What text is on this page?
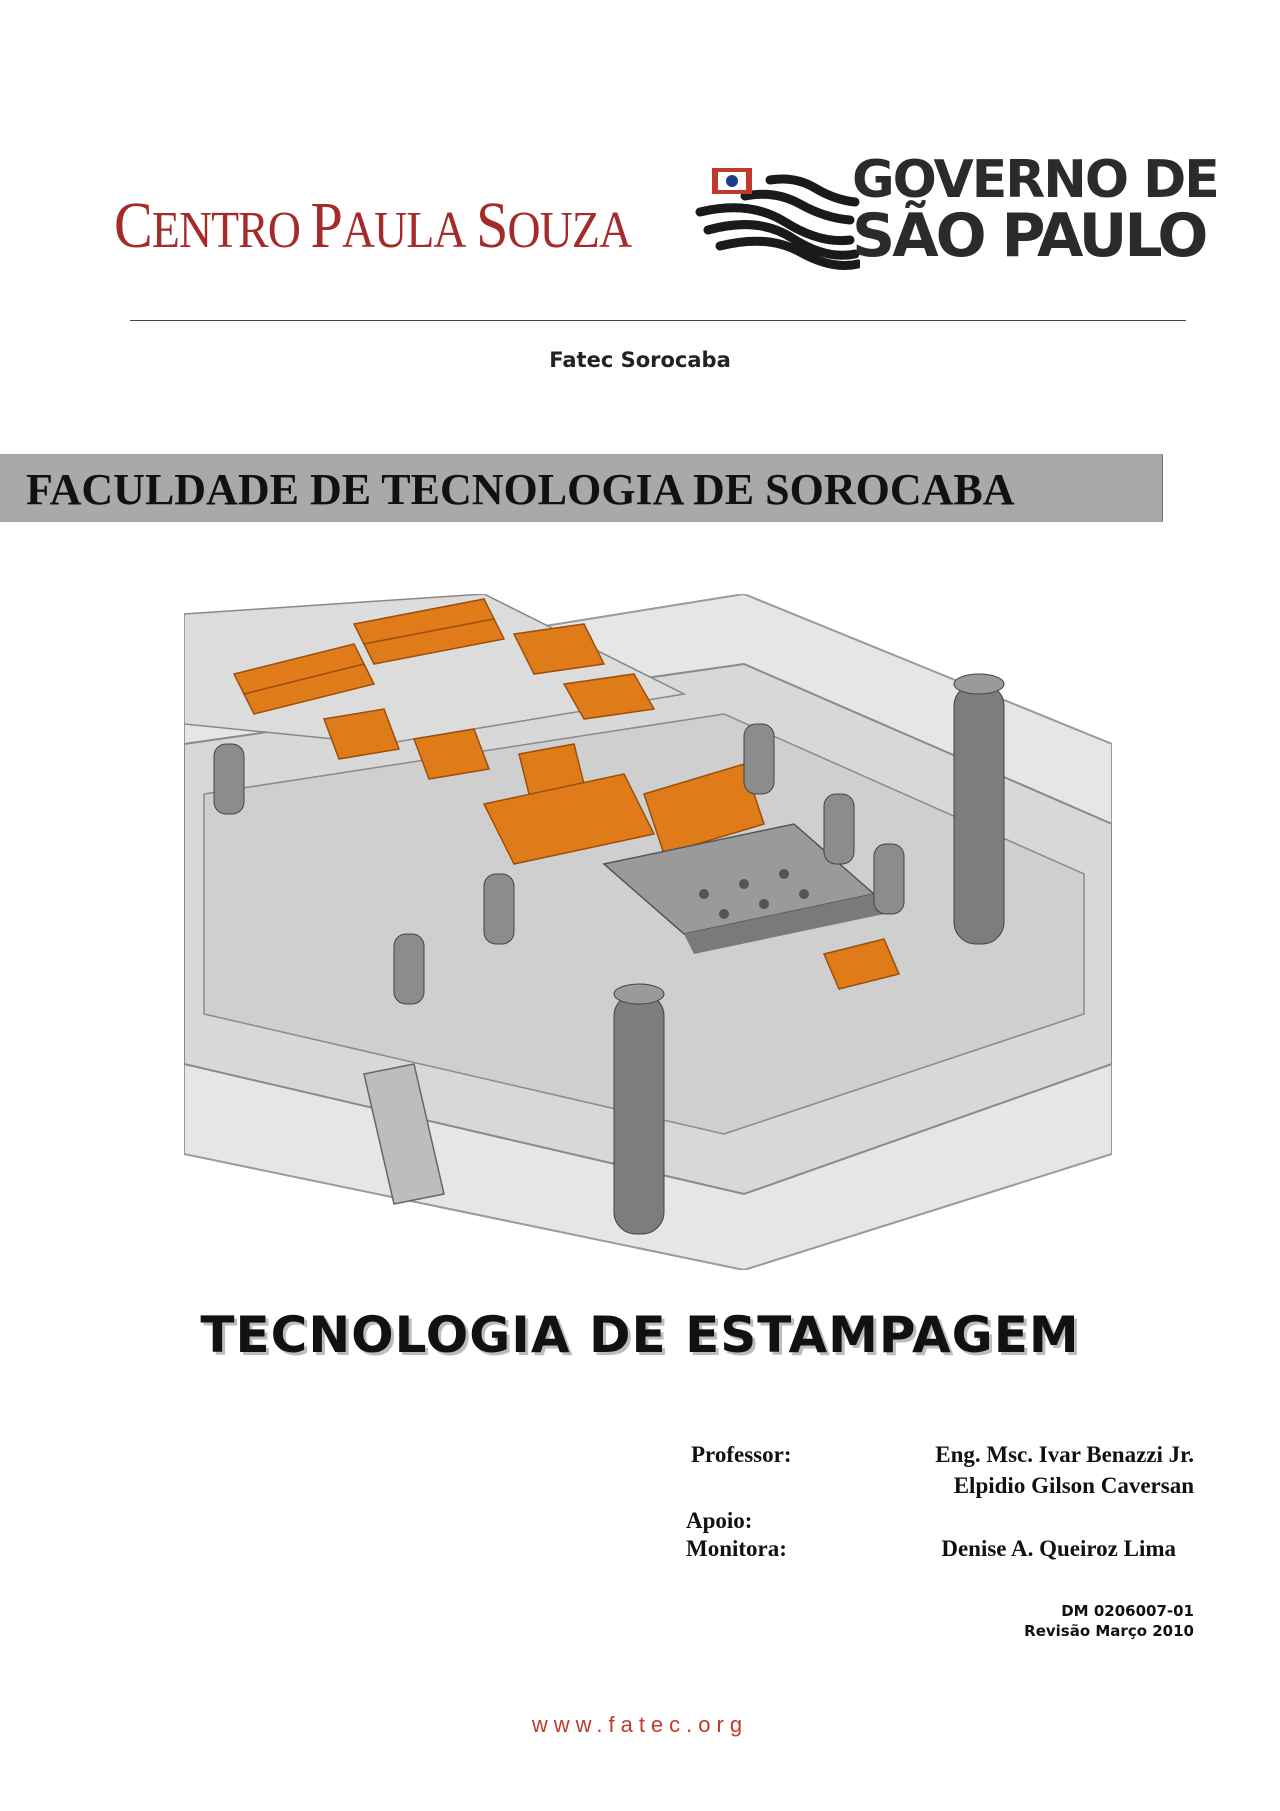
CENTRO PAULA SOUZA
GOVERNO DE
SÃO PAULO
Fatec Sorocaba
FACULDADE DE TECNOLOGIA DE SOROCABA
TECNOLOGIA DE ESTAMPAGEM
Professor:	Eng. Msc. Ivar Benazzi Jr.
Elpidio Gilson Caversan
Apoio:
Monitora:	Denise A. Queiroz Lima
DM 0206007-01
Revisão Março 2010
www.fatec.org
